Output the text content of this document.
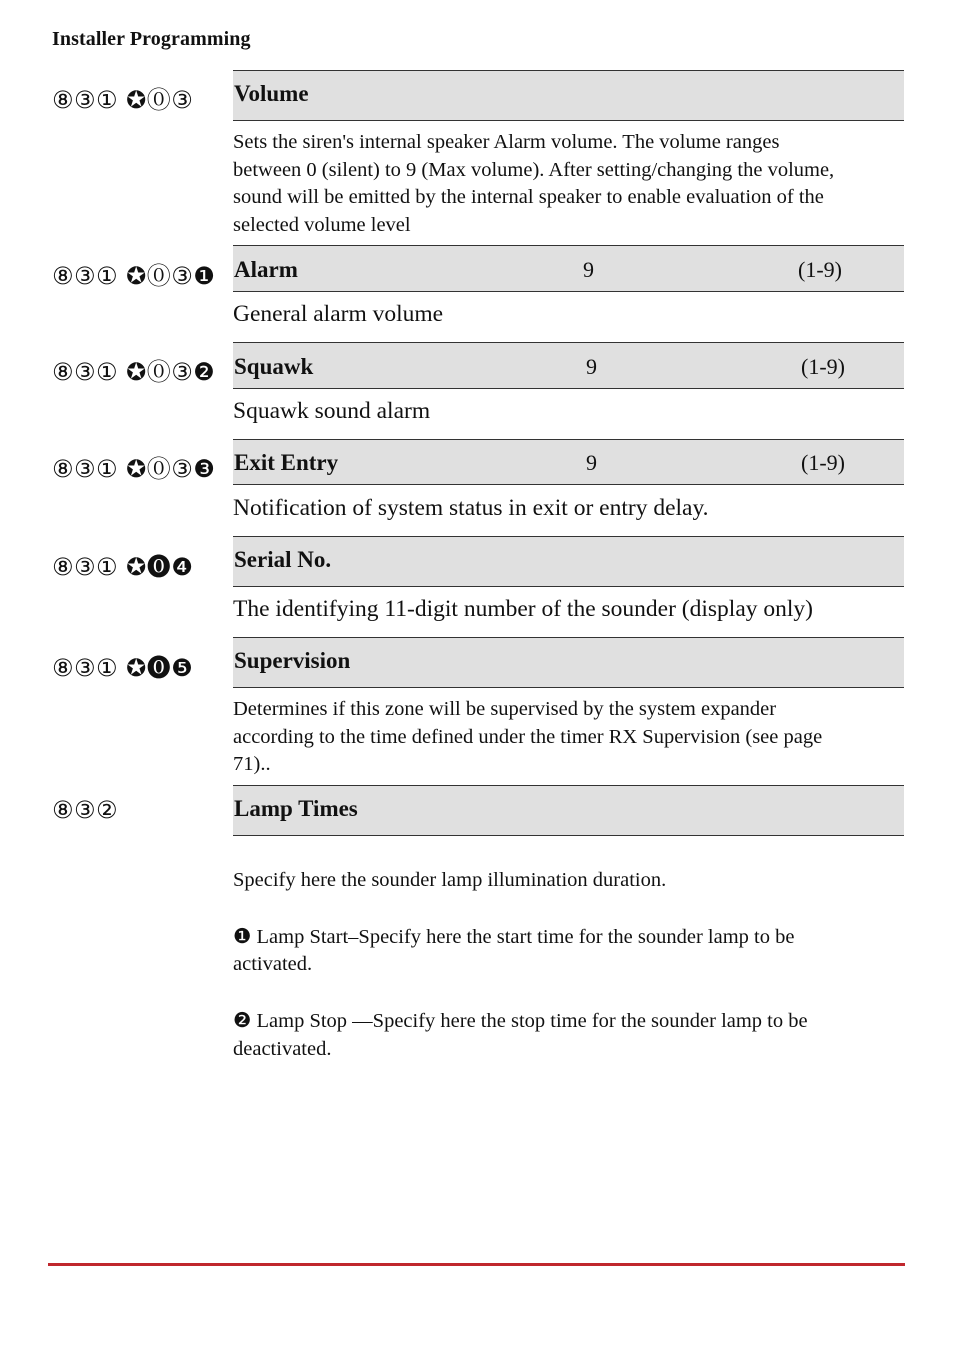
Installer Programming
⑧③① ✪⓪③ Volume
Sets the siren's internal speaker Alarm volume. The volume ranges
between 0 (silent) to 9 (Max volume). After setting/changing the volume,
sound will be emitted by the internal speaker to enable evaluation of the
selected volume level
⑧③① ✪⓪③❶ Alarm	9	(1-9)
General alarm volume
⑧③① ✪⓪③❷ Squawk	9	(1-9)
Squawk sound alarm
⑧③① ✪⓪③❸ Exit Entry	9	(1-9)
Notification of system status in exit or entry delay.
⑧③① ✪⓿❹ Serial No.
The identifying 11-digit number of the sounder (display only)
⑧③① ✪⓿❺ Supervision
Determines if this zone will be supervised by the system expander
according to the time defined under the timer RX Supervision (see page
71)..
⑧③②	Lamp Times

Specify here the sounder lamp illumination duration.

❶ Lamp Start–Specify here the start time for the sounder lamp to be
activated.

❷ Lamp Stop —Specify here the stop time for the sounder lamp to be
deactivated.
